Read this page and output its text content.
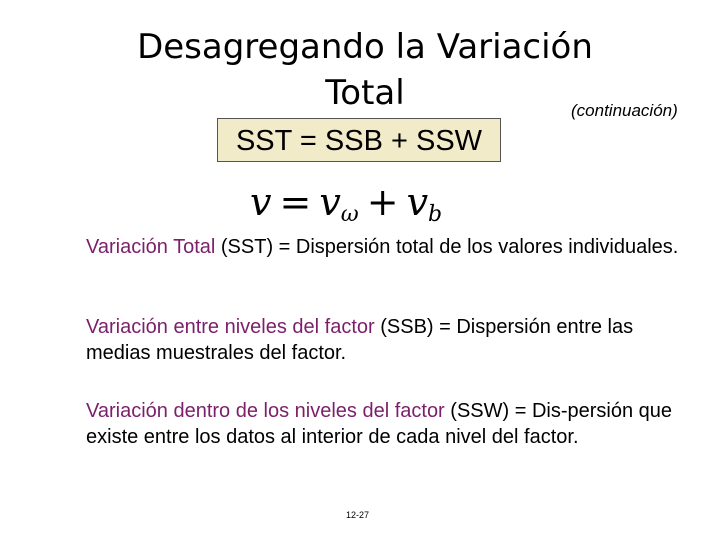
Desagregando la Variación
Total	(continuación)
SST = SSB + SSW
$v = v_\omega + v_b$
Variación Total (SST) = Dispersión total de los valores individuales.
Variación entre niveles del factor (SSB) = Dispersión entre las medias muestrales del factor.
Variación dentro de los niveles del factor (SSW) = Dis-persión que existe entre los datos al interior de cada nivel del factor.
12-27
